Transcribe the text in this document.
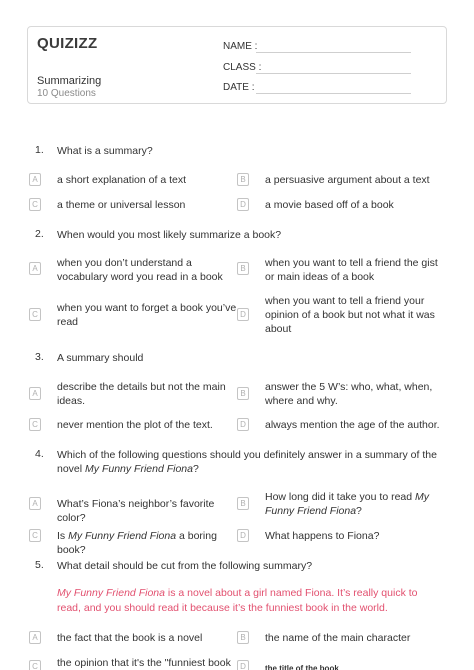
QUIZIZZ
Summarizing
10 Questions
NAME :
CLASS :
DATE :
1. What is a summary?
A	a short explanation of a text	B	a persuasive argument about a text
C a theme or universal lesson	D a movie based off of a book
2. When would you most likely summarize a book?
A	when you don’t understand a vocabulary word you read in a book
B	when you want to tell a friend the gist or main ideas of a book
C
when you want to forget a book you’ve read
D
when you want to tell a friend your opinion of a book but not what it was about
3. A summary should
A
describe the details but not the main ideas.
B
answer the 5 W’s: who, what, when, where and why.
C never mention the plot of the text.	D always mention the age of the author.
4. Which of the following questions should you definitely answer in a summary of the novel My Funny Friend Fiona?
A	What’s Fiona’s neighbor’s favorite color?
B
How long did it take you to read My Funny Friend Fiona?
C Is My Funny Friend Fiona a boring book?
D What happens to Fiona?
5. What detail should be cut from the following summary?
My Funny Friend Fiona is a novel about a girl named Fiona. It’s really quick to read, and you should read it because it’s the funniest book in the world.
A	the fact that the book is a novel	B	the name of the main character
C the opinion that it's the "funniest book	D	the title of the book
